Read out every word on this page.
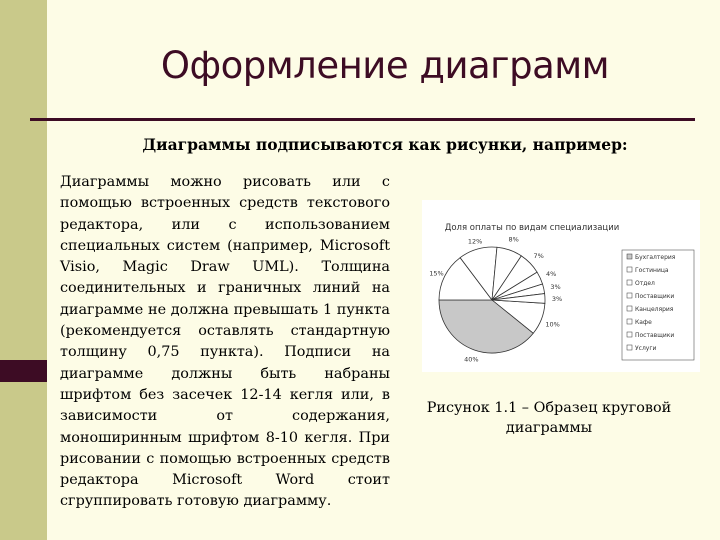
Оформление диаграмм
Диаграммы подписываются как рисунки, например:
Диаграммы можно рисовать или с помощью встроенных средств текстового редактора, или с использованием специальных систем (например, Microsoft Visio, Magic Draw UML). Толщина соединительных и граничных линий на диаграмме не должна превышать 1 пункта (рекомендуется оставлять стандартную толщину 0,75 пункта). Подписи на диаграмме должны быть набраны шрифтом без засечек 12-14 кегля или, в зависимости от содержания, моноширинным шрифтом 8-10 кегля. При рисовании с помощью встроенных средств редактора Microsoft Word стоит сгруппировать готовую диаграмму.
Доля оплаты по видам специализации
10%
40%
15%
12%	8%
7%
4%
3%
3%
Бухгалтерия
Гостиница
Отдел
Поставщики
Канцелярия
Кафе
Поставщики
Услуги
Рисунок 1.1 – Образец круговой диаграммы
